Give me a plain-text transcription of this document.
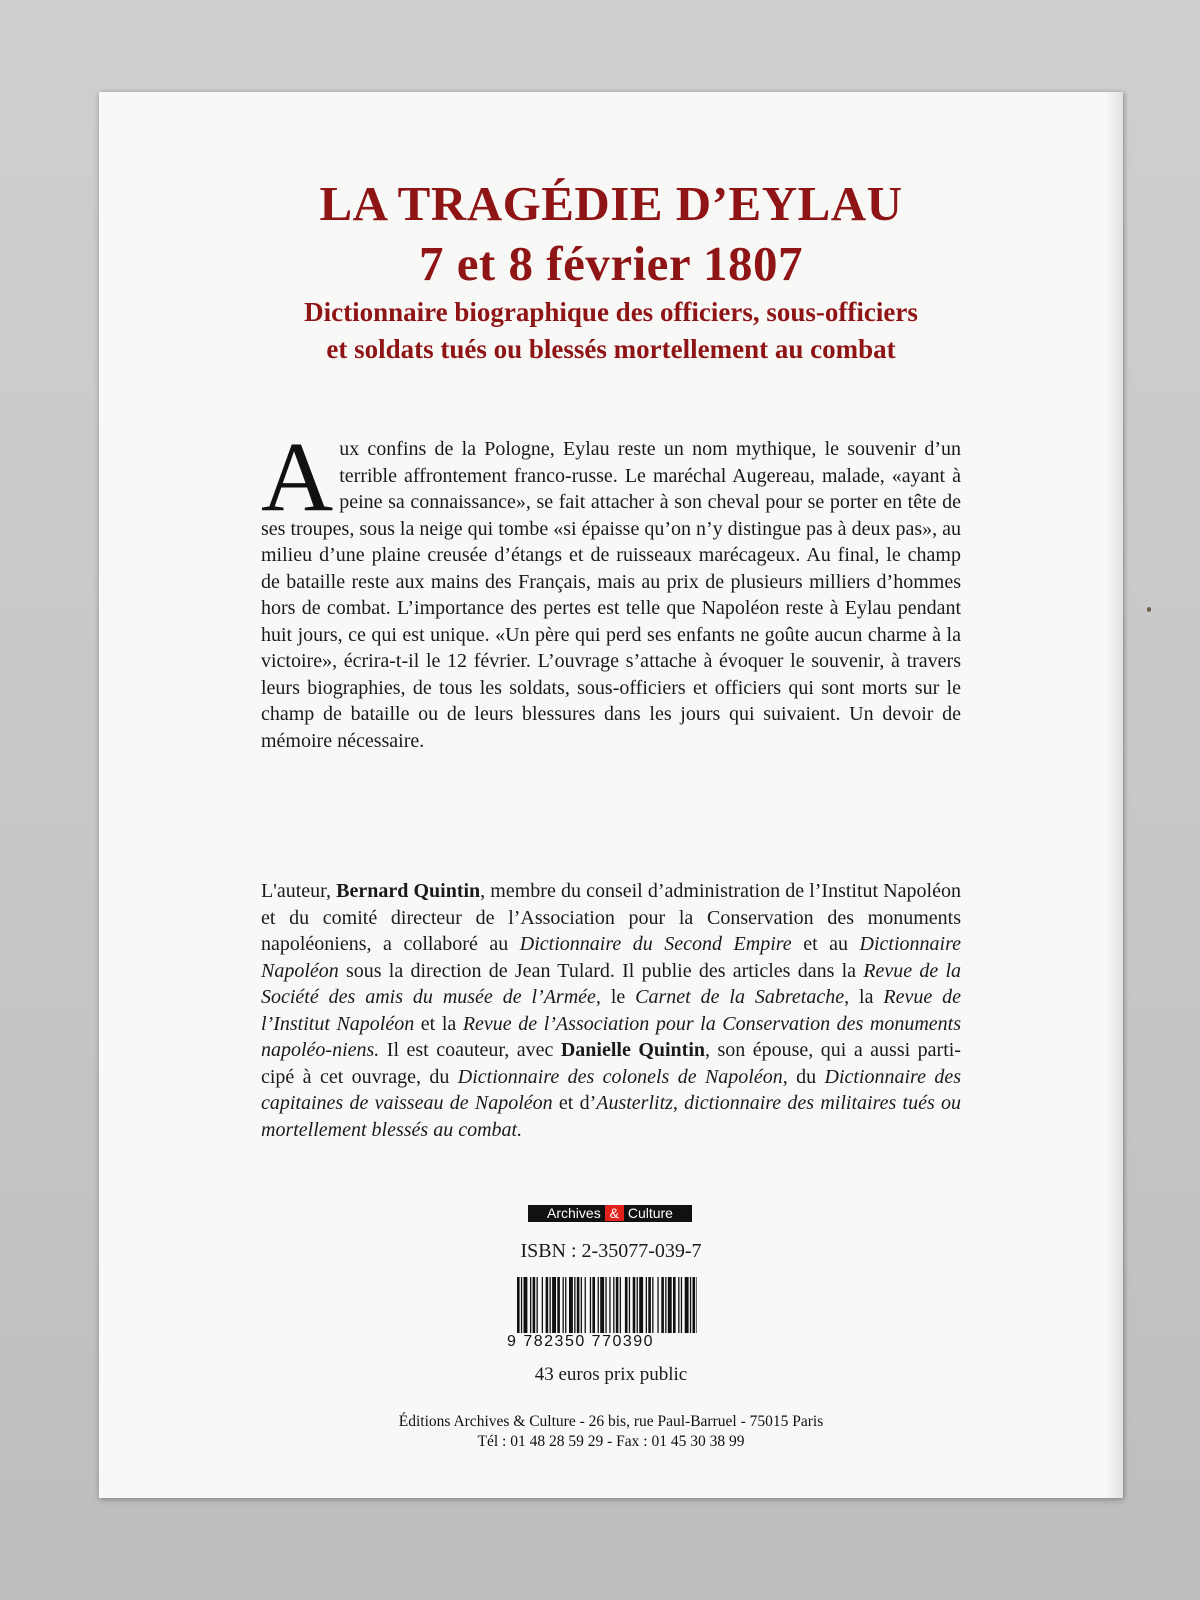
LA TRAGÉDIE D’EYLAU
7 et 8 février 1807
Dictionnaire biographique des officiers, sous-officiers
et soldats tués ou blessés mortellement au combat
Aux confins de la Pologne, Eylau reste un nom mythique, le souvenir d’un terrible affrontement franco-russe. Le maréchal Augereau, malade, «ayant à peine sa connaissance», se fait attacher à son cheval pour se porter en tête de ses troupes, sous la neige qui tombe «si épaisse qu’on n’y distingue pas à deux pas», au milieu d’une plaine creusée d’étangs et de ruisseaux marécageux. Au final, le champ de bataille reste aux mains des Français, mais au prix de plusieurs milliers d’hommes hors de combat. L’importance des pertes est telle que Napoléon reste à Eylau pendant huit jours, ce qui est unique. «Un père qui perd ses enfants ne goûte aucun charme à la victoire», écrira-t-il le 12 février. L’ouvrage s’attache à évoquer le souvenir, à travers leurs biographies, de tous les soldats, sous-officiers et officiers qui sont morts sur le champ de bataille ou de leurs blessures dans les jours qui suivaient. Un devoir de mémoire nécessaire.
L'auteur, Bernard Quintin, membre du conseil d’administration de l’Institut Napoléon et du comité directeur de l’Association pour la Conservation des monuments napoléoniens, a collaboré au Dictionnaire du Second Empire et au Dictionnaire Napoléon sous la direction de Jean Tulard. Il publie des articles dans la Revue de la Société des amis du musée de l’Armée, le Carnet de la Sabretache, la Revue de l’Institut Napoléon et la Revue de l’Association pour la Conservation des monuments napoléo-niens. Il est coauteur, avec Danielle Quintin, son épouse, qui a aussi parti-cipé à cet ouvrage, du Dictionnaire des colonels de Napoléon, du Dictionnaire des capitaines de vaisseau de Napoléon et d’Austerlitz, dictionnaire des militaires tués ou mortellement blessés au combat.
Archives & Culture
ISBN : 2-35077-039-7
9 782350 770390
43 euros prix public
Éditions Archives & Culture - 26 bis, rue Paul-Barruel - 75015 Paris
Tél : 01 48 28 59 29 - Fax : 01 45 30 38 99
